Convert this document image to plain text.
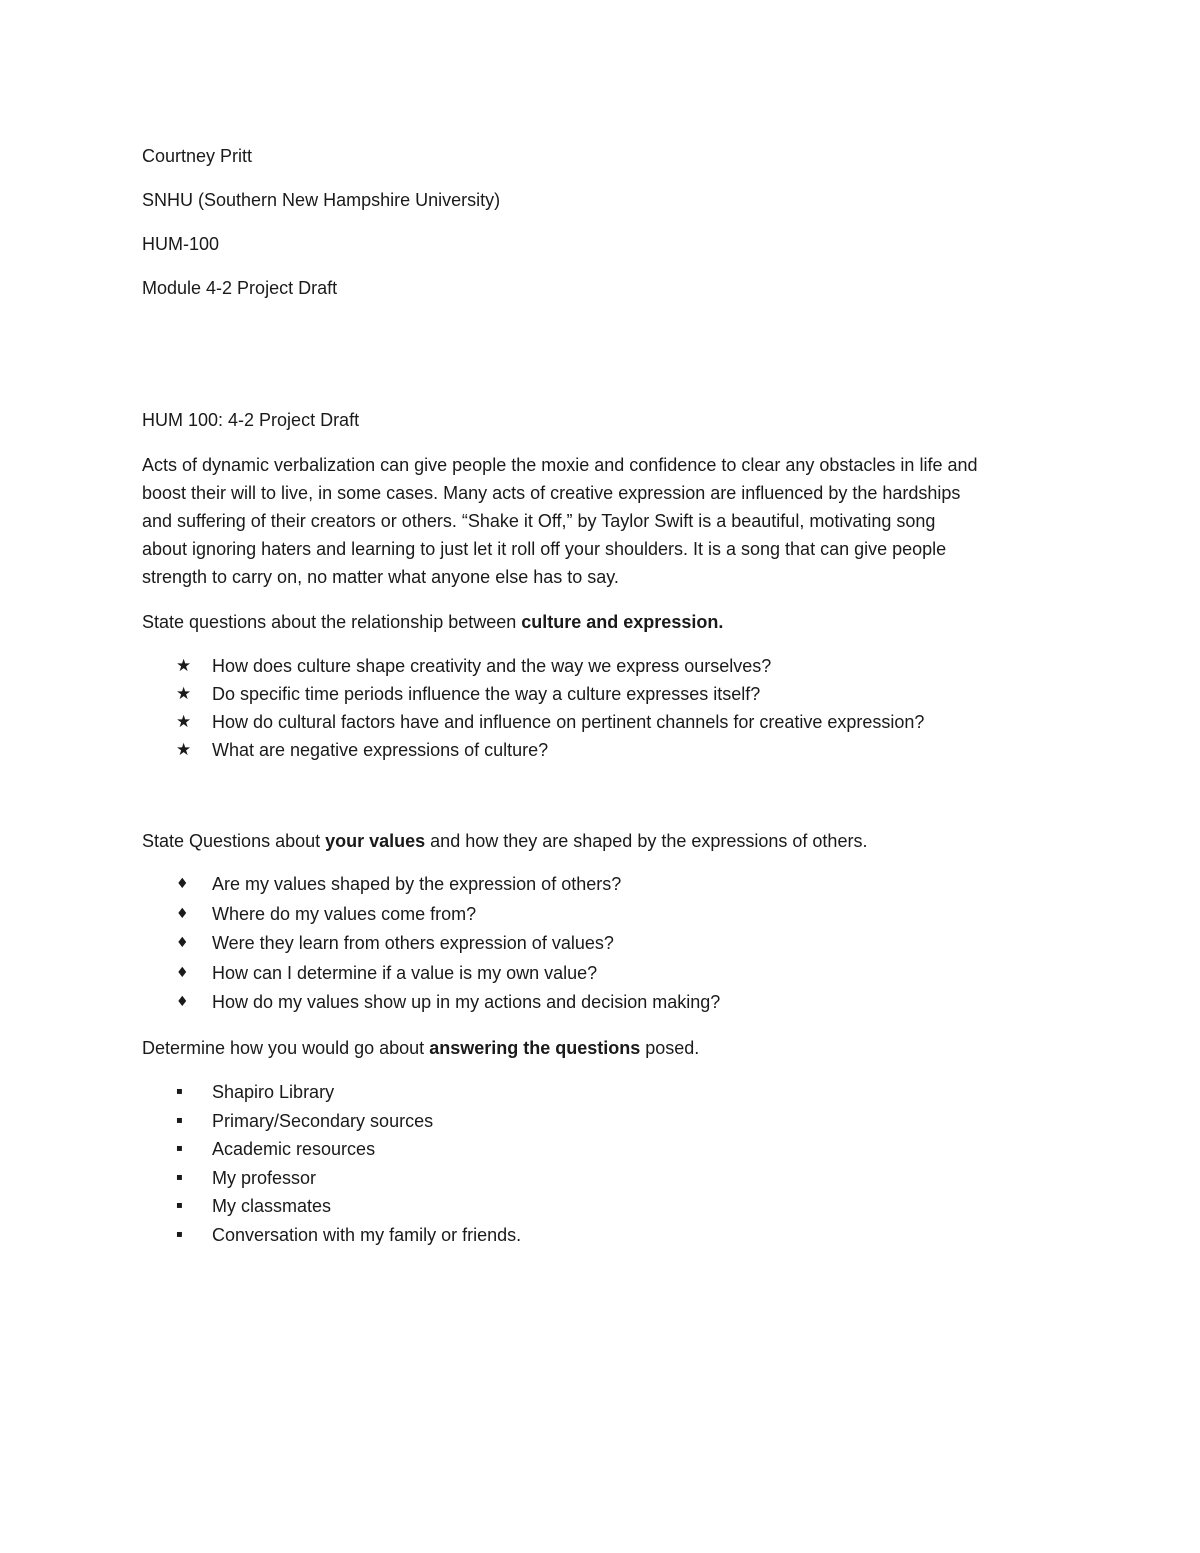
Courtney Pritt
SNHU (Southern New Hampshire University)
HUM-100
Module 4-2 Project Draft
HUM 100: 4-2 Project Draft
Acts of dynamic verbalization can give people the moxie and confidence to clear any obstacles in life and
boost their will to live, in some cases. Many acts of creative expression are influenced by the hardships
and suffering of their creators or others. “Shake it Off,” by Taylor Swift is a beautiful, motivating song
about ignoring haters and learning to just let it roll off your shoulders. It is a song that can give people
strength to carry on, no matter what anyone else has to say.
State questions about the relationship between culture and expression.
★ How does culture shape creativity and the way we express ourselves?
★ Do specific time periods influence the way a culture expresses itself?
★ How do cultural factors have and influence on pertinent channels for creative expression?
★ What are negative expressions of culture?
State Questions about your values and how they are shaped by the expressions of others.
♦	Are my values shaped by the expression of others?
♦	Where do my values come from?
♦	Were they learn from others expression of values?
♦	How can I determine if a value is my own value?
♦	How do my values show up in my actions and decision making?
Determine how you would go about answering the questions posed.
▪	Shapiro Library
▪	Primary/Secondary sources
▪	Academic resources
▪	My professor
▪	My classmates
▪	Conversation with my family or friends.
